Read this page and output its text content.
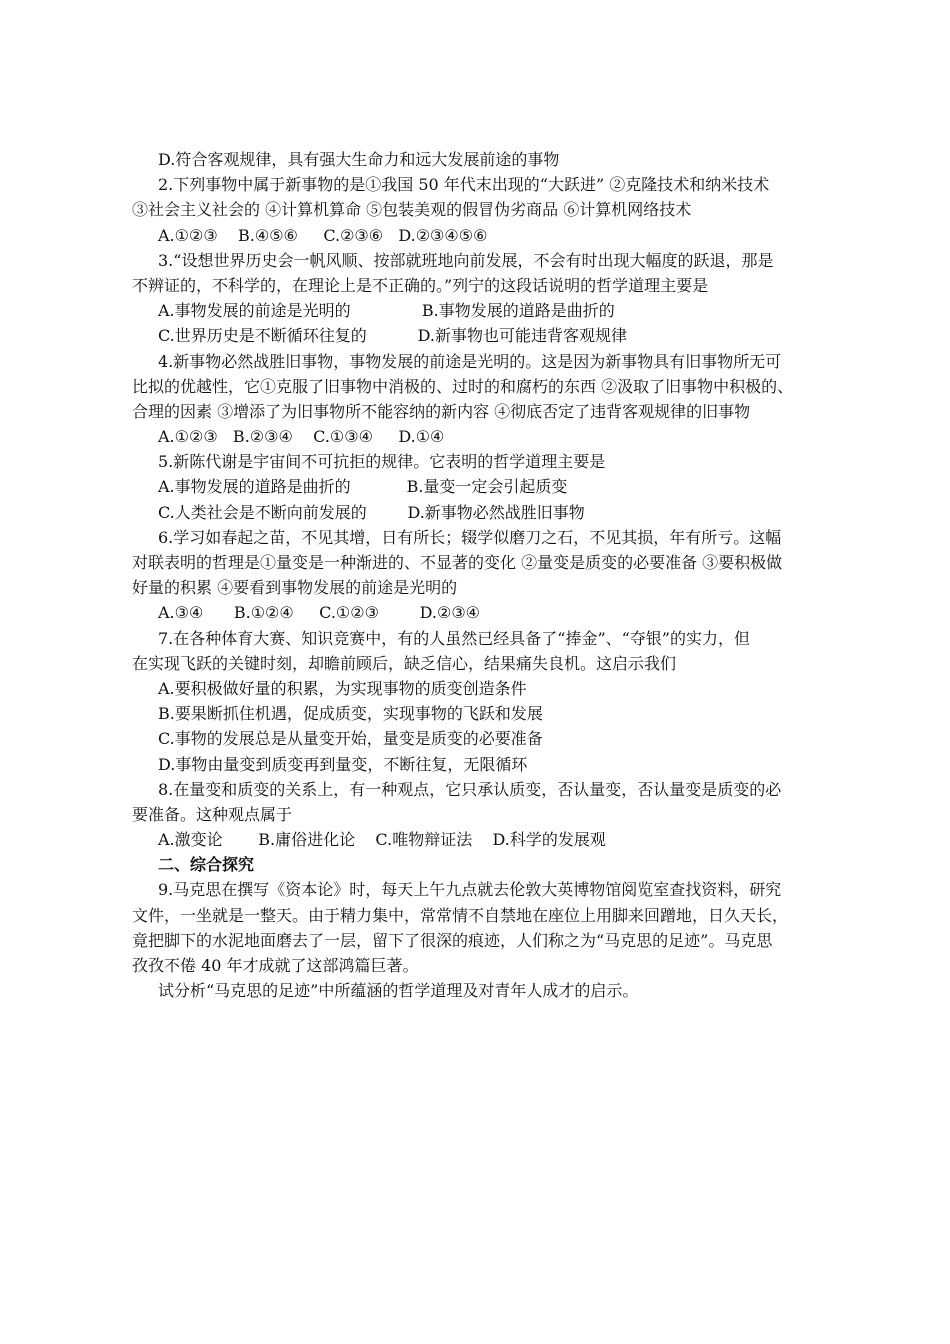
D.符合客观规律，具有强大生命力和远大发展前途的事物
2.下列事物中属于新事物的是①我国 50 年代末出现的“大跃进” ②克隆技术和纳米技术
③社会主义社会的 ④计算机算命 ⑤包装美观的假冒伪劣商品 ⑥计算机网络技术
A.①②③    B.④⑤⑥     C.②③⑥   D.②③④⑤⑥
3.“设想世界历史会一帆风顺、按部就班地向前发展，不会有时出现大幅度的跃退，那是
不辨证的，不科学的，在理论上是不正确的。”列宁的这段话说明的哲学道理主要是
A.事物发展的前途是光明的              B.事物发展的道路是曲折的
C.世界历史是不断循环往复的          D.新事物也可能违背客观规律
4.新事物必然战胜旧事物，事物发展的前途是光明的。这是因为新事物具有旧事物所无可
比拟的优越性，它①克服了旧事物中消极的、过时的和腐朽的东西 ②汲取了旧事物中积极的、
合理的因素 ③增添了为旧事物所不能容纳的新内容 ④彻底否定了违背客观规律的旧事物
A.①②③   B.②③④    C.①③④     D.①④
5.新陈代谢是宇宙间不可抗拒的规律。它表明的哲学道理主要是
A.事物发展的道路是曲折的           B.量变一定会引起质变
C.人类社会是不断向前发展的        D.新事物必然战胜旧事物
6.学习如春起之苗，不见其增，日有所长；辍学似磨刀之石，不见其损，年有所亏。这幅
对联表明的哲理是①量变是一种渐进的、不显著的变化 ②量变是质变的必要准备 ③要积极做
好量的积累 ④要看到事物发展的前途是光明的
A.③④      B.①②④     C.①②③        D.②③④
7.在各种体育大赛、知识竞赛中，有的人虽然已经具备了“捧金”、“夺银”的实力，但
在实现飞跃的关键时刻，却瞻前顾后，缺乏信心，结果痛失良机。这启示我们
A.要积极做好量的积累，为实现事物的质变创造条件
B.要果断抓住机遇，促成质变，实现事物的飞跃和发展
C.事物的发展总是从量变开始，量变是质变的必要准备
D.事物由量变到质变再到量变，不断往复，无限循环
8.在量变和质变的关系上，有一种观点，它只承认质变，否认量变，否认量变是质变的必
要准备。这种观点属于
A.激变论       B.庸俗进化论    C.唯物辩证法    D.科学的发展观
二、综合探究
9.马克思在撰写《资本论》时，每天上午九点就去伦敦大英博物馆阅览室查找资料，研究
文件，一坐就是一整天。由于精力集中，常常情不自禁地在座位上用脚来回蹭地，日久天长，
竟把脚下的水泥地面磨去了一层，留下了很深的痕迹，人们称之为“马克思的足迹”。马克思
孜孜不倦 40 年才成就了这部鸿篇巨著。
试分析“马克思的足迹”中所蕴涵的哲学道理及对青年人成才的启示。
